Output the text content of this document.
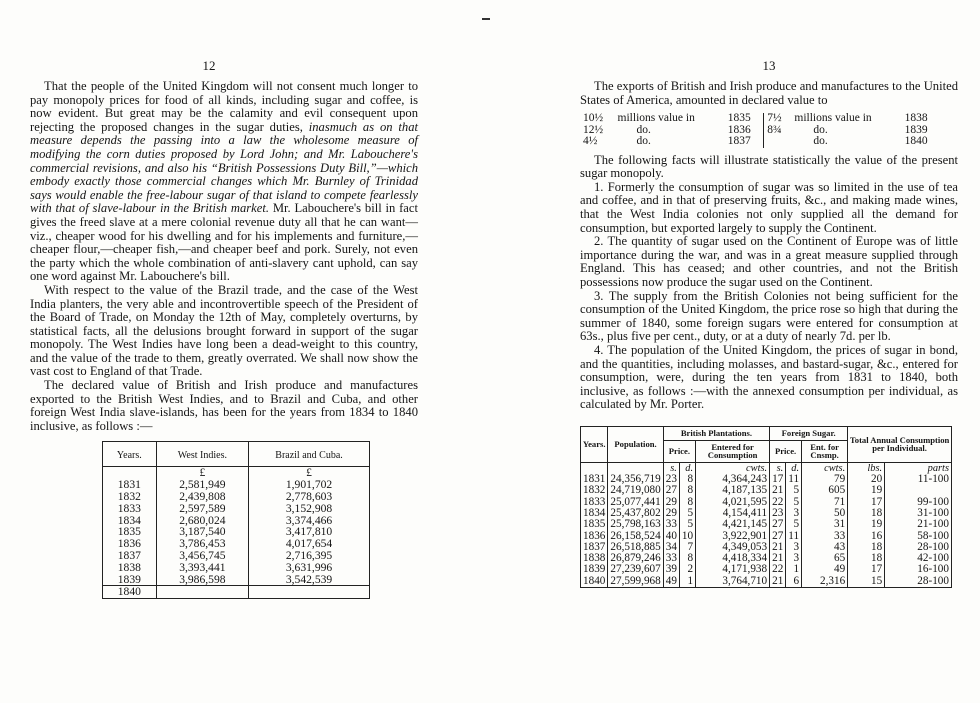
12

That the people of the United Kingdom will not consent much longer to pay monopoly prices for food of all kinds, including sugar and coffee, is now evident. But great may be the calamity and evil consequent upon rejecting the proposed changes in the sugar duties, inasmuch as on that measure depends the passing into a law the wholesome measure of modifying the corn duties proposed by Lord John; and Mr. Labouchere's commercial revisions, and also his “British Possessions Duty Bill,”—which embody exactly those commercial changes which Mr. Burnley of Trinidad says would enable the free-labour sugar of that island to compete fearlessly with that of slave-labour in the British market. Mr. Labouchere's bill in fact gives the freed slave at a mere colonial revenue duty all that he can want—viz., cheaper wood for his dwelling and for his implements and furniture,—cheaper flour,—cheaper fish,—and cheaper beef and pork. Surely, not even the party which the whole combination of anti-slavery cant uphold, can say one word against Mr. Labouchere's bill.

With respect to the value of the Brazil trade, and the case of the West India planters, the very able and incontrovertible speech of the President of the Board of Trade, on Monday the 12th of May, completely overturns, by statistical facts, all the delusions brought forward in support of the sugar monopoly. The West Indies have long been a dead-weight to this country, and the value of the trade to them, greatly overrated. We shall now show the vast cost to England of that Trade.

The declared value of British and Irish produce and manufactures exported to the British West Indies, and to Brazil and Cuba, and other foreign West India slave-islands, has been for the years from 1834 to 1840 inclusive, as follows :—

Years.	West Indies.	Brazil and Cuba.
	£	£
1831	2,581,949	1,901,702
1832	2,439,808	2,778,603
1833	2,597,589	3,152,908
1834	2,680,024	3,374,466
1835	3,187,540	3,417,810
1836	3,786,453	4,017,654
1837	3,456,745	2,716,395
1838	3,393,441	3,631,996
1839	3,986,598	3,542,539
1840		
13

The exports of British and Irish produce and manufactures to the United States of America, amounted in declared value to

10½	millions value in	1835	7½	millions value in	1838
12½	do.	1836	8¾	do.	1839
4½	do.	1837		do.	1840

The following facts will illustrate statistically the value of the present sugar monopoly.

1. Formerly the consumption of sugar was so limited in the use of tea and coffee, and in that of preserving fruits, &c., and making made wines, that the West India colonies not only supplied all the demand for consumption, but exported largely to supply the Continent.

2. The quantity of sugar used on the Continent of Europe was of little importance during the war, and was in a great measure supplied through England. This has ceased; and other countries, and not the British possessions now produce the sugar used on the Continent.

3. The supply from the British Colonies not being sufficient for the consumption of the United Kingdom, the price rose so high that during the summer of 1840, some foreign sugars were entered for consumption at 63s., plus five per cent., duty, or at a duty of nearly 7d. per lb.

4. The population of the United Kingdom, the prices of sugar in bond, and the quantities, including molasses, and bastard-sugar, &c., entered for consumption, were, during the ten years from 1831 to 1840, both inclusive, as follows :—with the annexed consumption per individual, as calculated by Mr. Porter.

Years.	Population.	British Plantations.			Foreign Sugar.			Total Annual Consumption per Individual.	
		Price.		Entered for Consumption	Price.		Ent. for Cnsmp.		
		s.	d.	cwts.	s.	d.	cwts.	lbs.	parts
1831	24,356,719	23	8	4,364,243	17	11	79	20	11-100
1832	24,719,080	27	8	4,187,135	21	5	605	19	
1833	25,077,441	29	8	4,021,595	22	5	71	17	99-100
1834	25,437,802	29	5	4,154,411	23	3	50	18	31-100
1835	25,798,163	33	5	4,421,145	27	5	31	19	21-100
1836	26,158,524	40	10	3,922,901	27	11	33	16	58-100
1837	26,518,885	34	7	4,349,053	21	3	43	18	28-100
1838	26,879,246	33	8	4,418,334	21	3	65	18	42-100
1839	27,239,607	39	2	4,171,938	22	1	49	17	16-100
1840	27,599,968	49	1	3,764,710	21	6	2,316	15	28-100
